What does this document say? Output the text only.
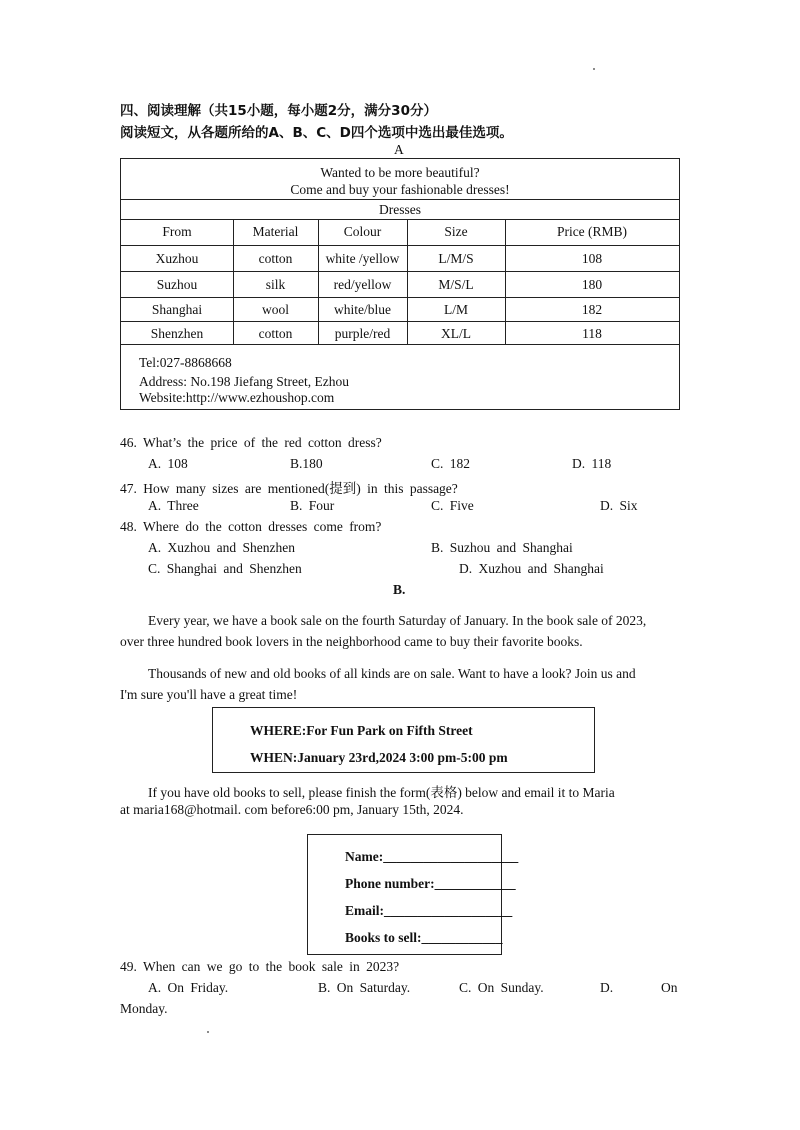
四、阅读理解（共15小题，每小题2分，满分30分）
阅读短文，从各题所给的A、B、C、D四个选项中选出最佳选项。
A
Wanted to be more beautiful?
Come and buy your fashionable dresses!
Dresses
From	Material	Colour	Size	Price (RMB)
Xuzhou	cotton	white /yellow	L/M/S	108
Suzhou	silk	red/yellow	M/S/L	180
Shanghai	wool	white/blue	L/M	182
Shenzhen	cotton	purple/red	XL/L	118
Tel:027-8868668
Address: No.198 Jiefang Street, Ezhou
Website:http://www.ezhoushop.com
46. What’s the price of the red cotton dress?
A. 108	B.180	C. 182	D. 118
47. How many sizes are mentioned(提到) in this passage?
A. Three	B. Four	C. Five	D. Six
48. Where do the cotton dresses come from?
A. Xuzhou and Shenzhen	B. Suzhou and Shanghai
C. Shanghai and Shenzhen	D. Xuzhou and Shanghai
B.
Every year, we have a book sale on the fourth Saturday of January. In the book sale of 2023,
over three hundred book lovers in the neighborhood came to buy their favorite books.
Thousands of new and old books of all kinds are on sale. Want to have a look? Join us and
I'm sure you'll have a great time!
WHERE:For Fun Park on Fifth Street
WHEN:January 23rd,2024 3:00 pm-5:00 pm
If you have old books to sell, please finish the form(表格) below and email it to Maria
at maria168@hotmail. com before6:00 pm, January 15th, 2024.
Name:____________________
Phone number:____________
Email:___________________
Books to sell:____________
49. When can we go to the book sale in 2023?
A. On Friday.	B. On Saturday.	C. On Sunday.	D.	On
Monday.
